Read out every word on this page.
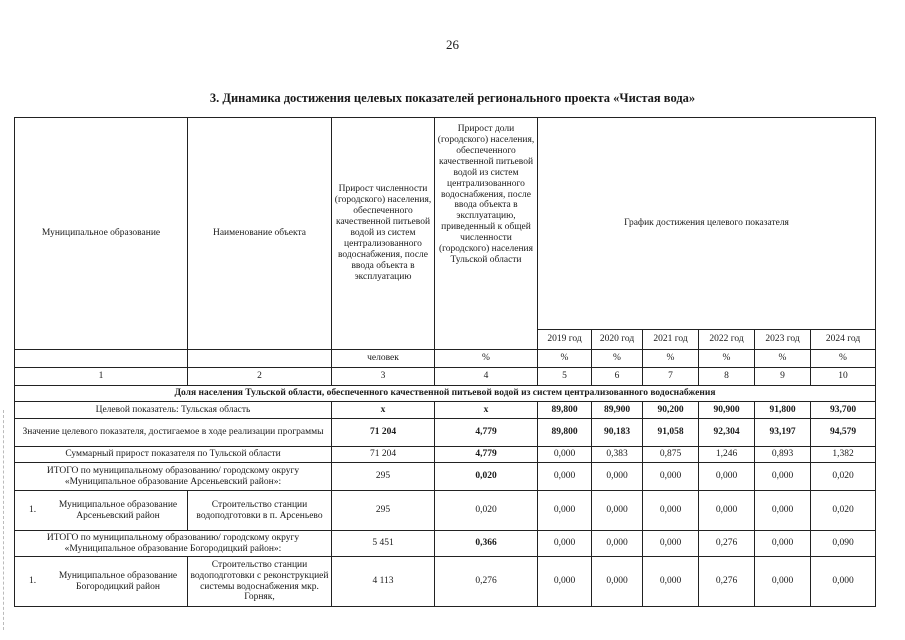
26
3. Динамика достижения целевых показателей регионального проекта «Чистая вода»
Муниципальное образование	Наименование объекта	Прирост численности (городского) населения, обеспеченного качественной питьевой водой из систем централизованного водоснабжения, после ввода объекта в эксплуатацию	Прирост доли (городского) населения, обеспеченного качественной питьевой водой из систем централизованного водоснабжения, после ввода объекта в эксплуатацию, приведенный к общей численности (городского) населения Тульской области	График достижения целевого показателя					
				2019 год	2020 год	2021 год	2022 год	2023 год	2024 год
		человек	%	%	%	%	%	%	%
1	2	3	4	5	6	7	8	9	10
Доля населения Тульской области, обеспеченного качественной питьевой водой из систем централизованного водоснабжения									
Целевой показатель: Тульская область		х	х	89,800	89,900	90,200	90,900	91,800	93,700
Значение целевого показателя, достигаемое в ходе реализации программы		71 204	4,779	89,800	90,183	91,058	92,304	93,197	94,579
Суммарный прирост показателя по Тульской области		71 204	4,779	0,000	0,383	0,875	1,246	0,893	1,382
ИТОГО по муниципальному образованию/ городскому округу «Муниципальное образование Арсеньевский район»:		295	0,020	0,000	0,000	0,000	0,000	0,000	0,020

1.
Муниципальное образование Арсеньевский район	Строительство станции водоподготовки в п. Арсеньево	295	0,020	0,000	0,000	0,000	0,000	0,000	0,020
ИТОГО по муниципальному образованию/ городскому округу «Муниципальное образование Богородицкий район»:		5 451	0,366	0,000	0,000	0,000	0,276	0,000	0,090

1.
Муниципальное образование Богородицкий район	Строительство станции водоподготовки с реконструкцией системы водоснабжения мкр. Горняк,	4 113	0,276	0,000	0,000	0,000	0,276	0,000	0,000
